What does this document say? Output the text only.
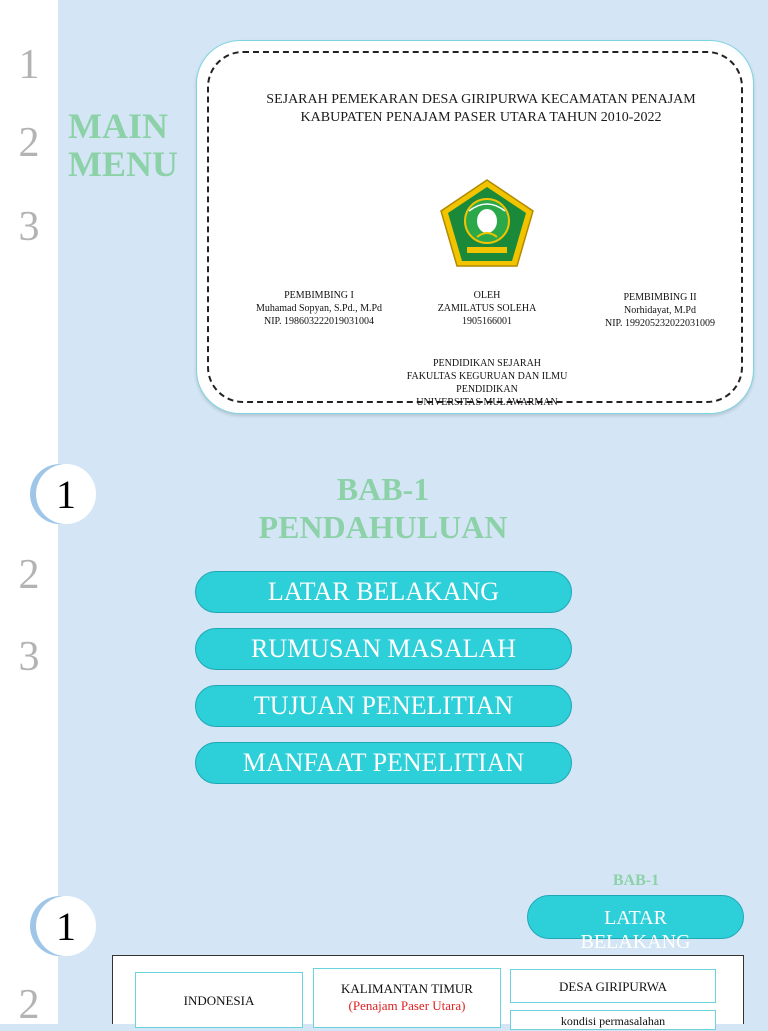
1
2
3
MAIN
MENU
SEJARAH PEMEKARAN DESA GIRIPURWA KECAMATAN PENAJAM
KABUPATEN PENAJAM PASER UTARA TAHUN 2010-2022
PEMBIMBING I
Muhamad Sopyan, S.Pd., M.Pd
NIP. 198603222019031004
OLEH
ZAMILATUS SOLEHA
1905166001
PEMBIMBING II
Norhidayat, M.Pd
NIP. 199205232022031009
PENDIDIKAN SEJARAH
FAKULTAS KEGURUAN DAN ILMU
PENDIDIKAN
UNIVERSITAS MULAWARMAN
1
2
3
BAB-1
PENDAHULUAN
LATAR BELAKANG
RUMUSAN MASALAH
TUJUAN PENELITIAN
MANFAAT PENELITIAN
1
2
BAB-1
LATAR
BELAKANG
INDONESIA
KALIMANTAN TIMUR
(Penajam Paser Utara)
DESA GIRIPURWA
kondisi permasalahan
